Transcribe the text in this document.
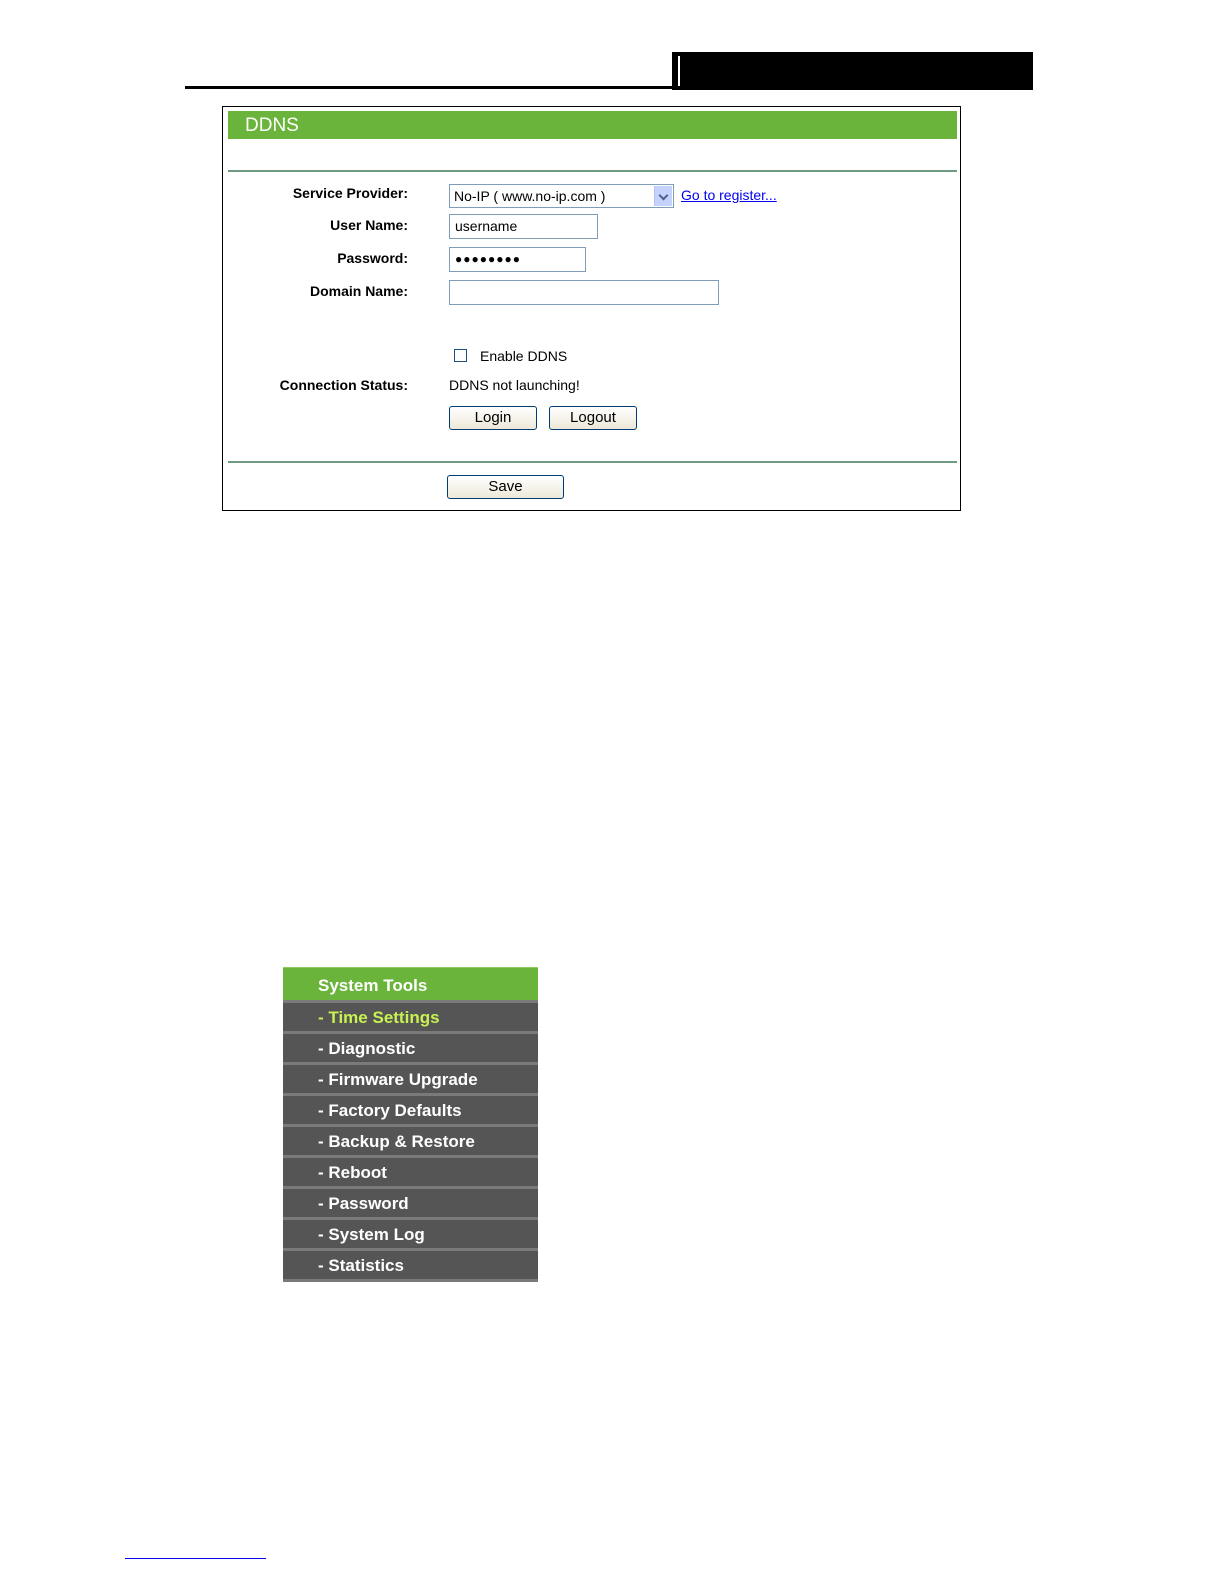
DDNS
Service Provider:	No-IP ( www.no-ip.com )	Go to register...
User Name:	username
Password:	●●●●●●●●
Domain Name:
Enable DDNS
Connection Status:	DDNS not launching!
Login	Logout
Save
System Tools
- Time Settings
- Diagnostic
- Firmware Upgrade
- Factory Defaults
- Backup & Restore
- Reboot
- Password
- System Log
- Statistics
